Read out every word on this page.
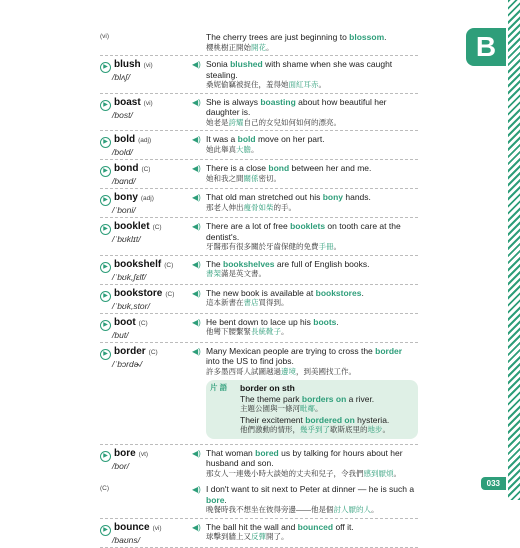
B
(vi)	The cherry trees are just beginning to blossom.
櫻桃樹正開始開花。
▶ blush (vi)
/blʌʃ/
◀) Sonia blushed with shame when she was caught stealing.
桑妮偷竊被捉住，羞得她面紅耳赤。
▶ boast (vi)
/bost/
◀) She is always boasting about how beautiful her daughter is.
她老是誇耀自己的女兒如何如何的漂亮。
▶ bold (adj)
/bold/
◀) It was a bold move on her part.
她此舉真大膽。
▶ bond (C)
/bɑnd/
◀) There is a close bond between her and me.
她和我之間關係密切。
▶ bony (adj)
/ˈboni/
◀) That old man stretched out his bony hands.
那老人伸出瘦骨如柴的手。
▶ booklet (C)
/ˈbʊklɪt/
◀) There are a lot of free booklets on tooth care at the dentist's.
牙醫那有很多關於牙齒保健的免費手冊。
▶ bookshelf (C)
/ˈbʊk,ʃɛlf/
◀) The bookshelves are full of English books.
書架滿是英文書。
▶ bookstore (C)
/ˈbʊk,stor/
◀) The new book is available at bookstores.
這本新書在書店買得到。
▶ boot (C)
/but/
◀) He bent down to lace up his boots.
他彎下腰繫緊長統靴子。
▶ border (C)
/ˈbɔrdɚ/
◀) Many Mexican people are trying to cross the border into the US to find jobs.
許多墨西哥人試圖越過邊境，到美國找工作。
片 語	border on sth
The theme park borders on a river.
主題公園與一條河毗鄰。
Their excitement bordered on hysteria.
他們激動的情形，幾乎到了歇斯底里的地步。
▶ bore (vt)
/bor/
◀) That woman bored us by talking for hours about her husband and son.
那女人一連幾小時大談她的丈夫和兒子，令我們感到厭煩。
(C)	◀) I don't want to sit next to Peter at dinner — he is such a bore.
晚餐時我不想坐在彼得旁邊——他是個討人厭的人。
▶ bounce (vi)
/baʊns/
◀) The ball hit the wall and bounced off it.
球擊到牆上又反彈開了。
033
